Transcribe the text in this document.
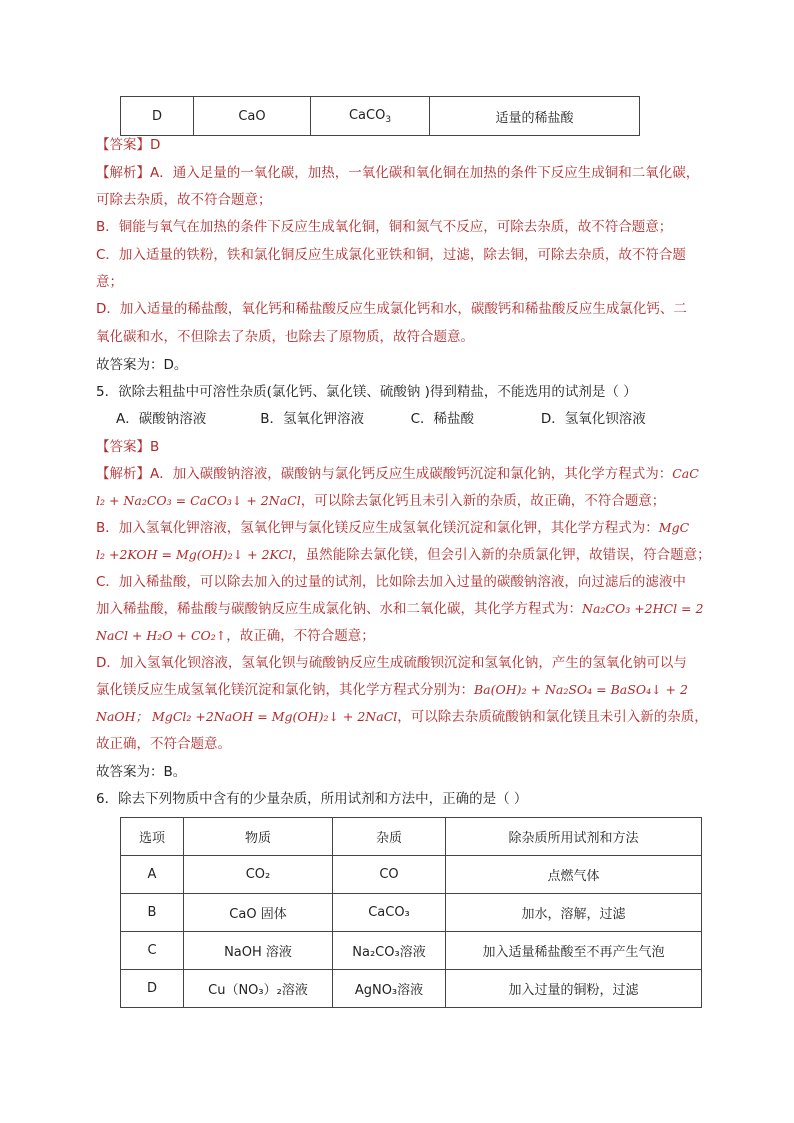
D	CaO	CaCO$_3$	适量的稀盐酸
【答案】D
【解析】A．通入足量的一氧化碳，加热，一氧化碳和氧化铜在加热的条件下反应生成铜和二氧化碳，
可除去杂质，故不符合题意；
B．铜能与氧气在加热的条件下反应生成氧化铜，铜和氮气不反应，可除去杂质，故不符合题意；
C．加入适量的铁粉，铁和氯化铜反应生成氯化亚铁和铜，过滤，除去铜，可除去杂质，故不符合题
意；
D．加入适量的稀盐酸，氧化钙和稀盐酸反应生成氯化钙和水，碳酸钙和稀盐酸反应生成氯化钙、二
氧化碳和水，不但除去了杂质，也除去了原物质，故符合题意。
故答案为：D。
5．欲除去粗盐中可溶性杂质(氯化钙、氯化镁、硫酸钠 )得到精盐，不能选用的试剂是（ ）
A．碳酸钠溶液	B．氢氧化钾溶液	C．稀盐酸	D．氢氧化钡溶液
【答案】B
【解析】A．加入碳酸钠溶液，碳酸钠与氯化钙反应生成碳酸钙沉淀和氯化钠，其化学方程式为：CaC
l₂ + Na₂CO₃ = CaCO₃↓ + 2NaCl，可以除去氯化钙且未引入新的杂质，故正确，不符合题意；
B．加入氢氧化钾溶液，氢氧化钾与氯化镁反应生成氢氧化镁沉淀和氯化钾，其化学方程式为：MgC
l₂ +2KOH = Mg(OH)₂↓ + 2KCl，虽然能除去氯化镁，但会引入新的杂质氯化钾，故错误，符合题意；
C．加入稀盐酸，可以除去加入的过量的试剂，比如除去加入过量的碳酸钠溶液，向过滤后的滤液中
加入稀盐酸，稀盐酸与碳酸钠反应生成氯化钠、水和二氧化碳，其化学方程式为：Na₂CO₃ +2HCl = 2
NaCl + H₂O + CO₂↑，故正确，不符合题意；
D．加入氢氧化钡溶液，氢氧化钡与硫酸钠反应生成硫酸钡沉淀和氢氧化钠，产生的氢氧化钠可以与
氯化镁反应生成氢氧化镁沉淀和氯化钠，其化学方程式分别为：Ba(OH)₂ + Na₂SO₄ = BaSO₄↓ + 2
NaOH； MgCl₂ +2NaOH = Mg(OH)₂↓ + 2NaCl，可以除去杂质硫酸钠和氯化镁且未引入新的杂质，
故正确，不符合题意。
故答案为：B。
6．除去下列物质中含有的少量杂质，所用试剂和方法中，正确的是（ ）
选项	物质	杂质	除杂质所用试剂和方法
A	CO₂	CO	点燃气体
B	CaO 固体	CaCO₃	加水，溶解，过滤
C	NaOH 溶液	Na₂CO₃溶液	加入适量稀盐酸至不再产生气泡
D	Cu（NO₃）₂溶液	AgNO₃溶液	加入过量的铜粉，过滤
